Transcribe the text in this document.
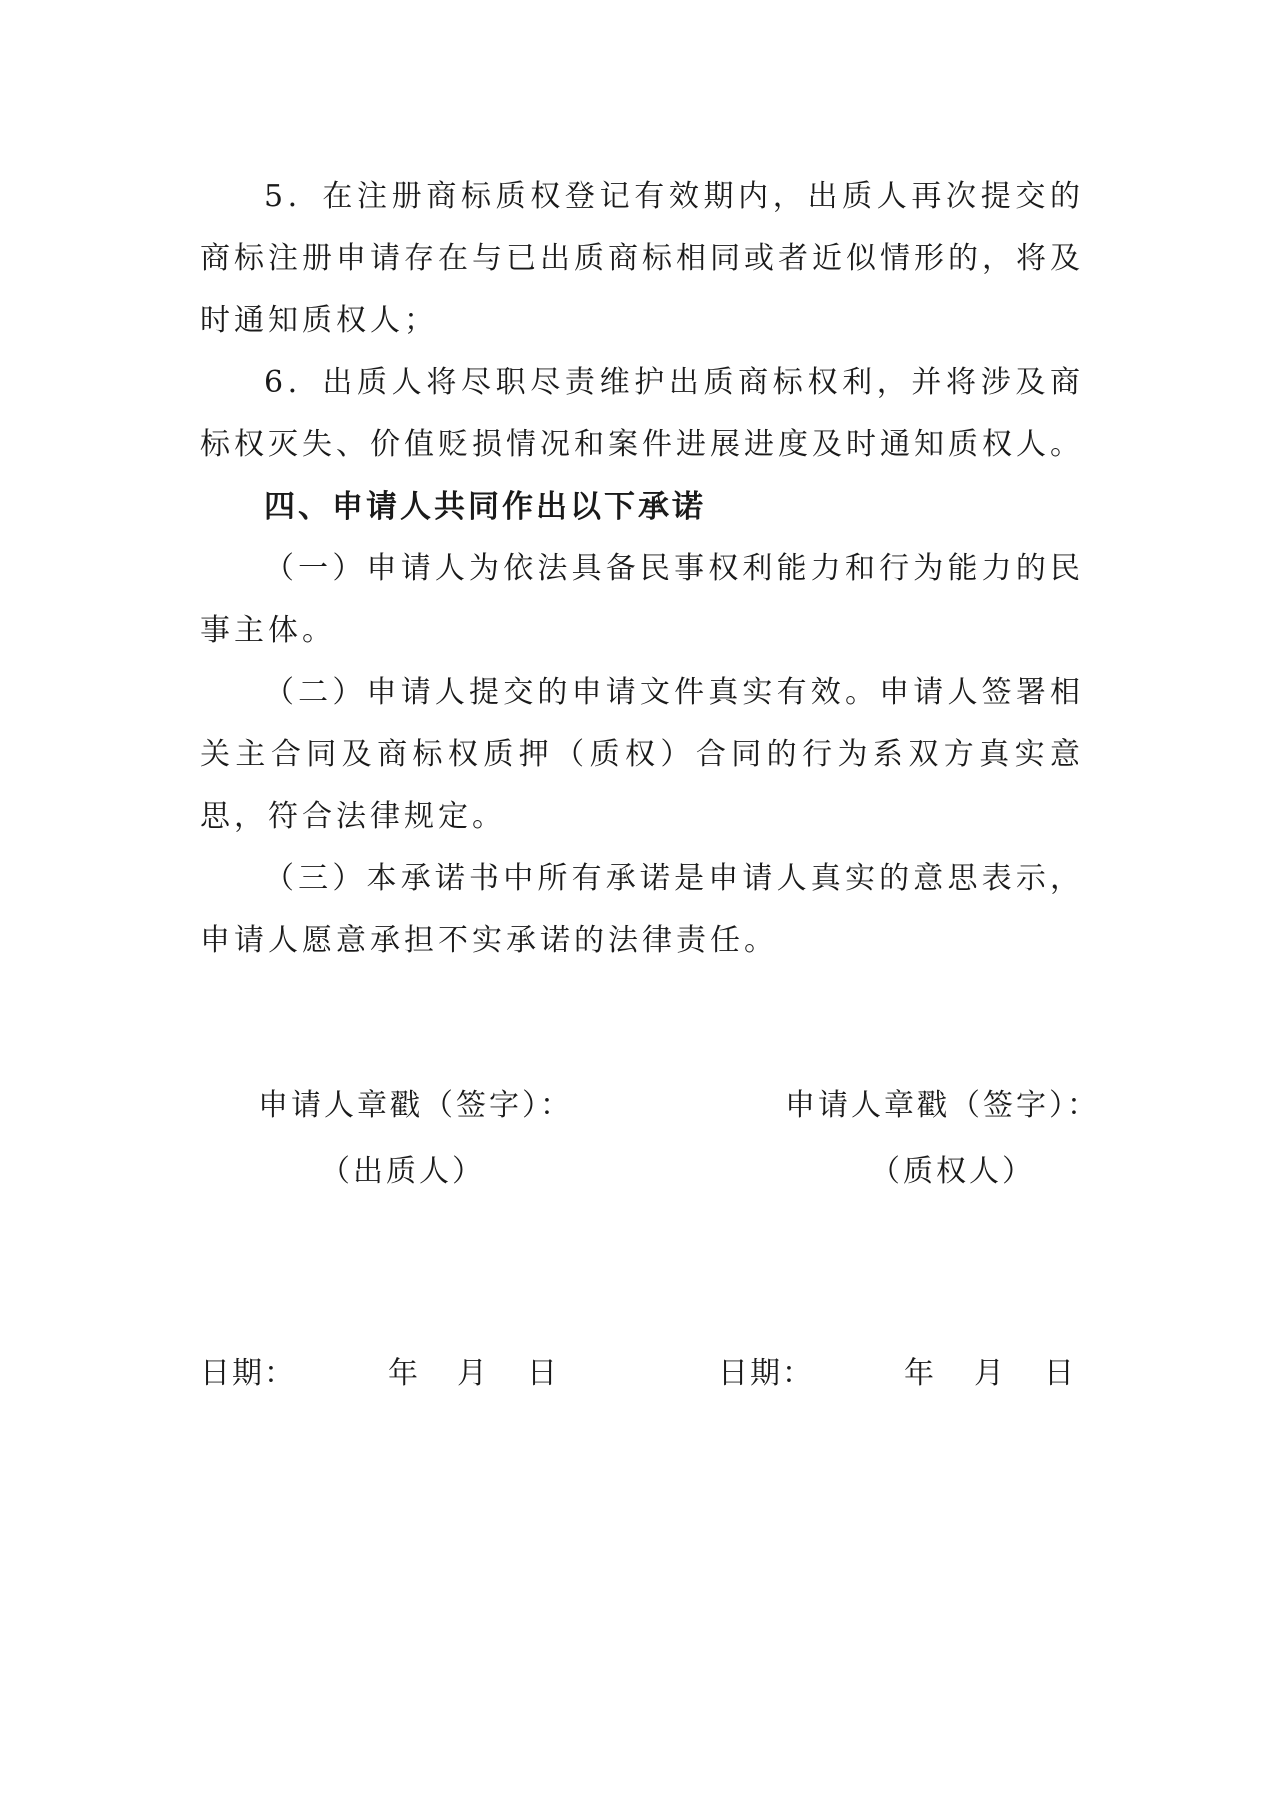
5．在注册商标质权登记有效期内，出质人再次提交的商标注册申请存在与已出质商标相同或者近似情形的，将及时通知质权人；

6．出质人将尽职尽责维护出质商标权利，并将涉及商标权灭失、价值贬损情况和案件进展进度及时通知质权人。

四、申请人共同作出以下承诺

（一）申请人为依法具备民事权利能力和行为能力的民事主体。

（二）申请人提交的申请文件真实有效。申请人签署相关主合同及商标权质押（质权）合同的行为系双方真实意思，符合法律规定。

（三）本承诺书中所有承诺是申请人真实的意思表示，申请人愿意承担不实承诺的法律责任。

申请人章戳（签字）：
（出质人）
申请人章戳（签字）：
（质权人）
日期：	年 月 日	日期：	年 月 日
